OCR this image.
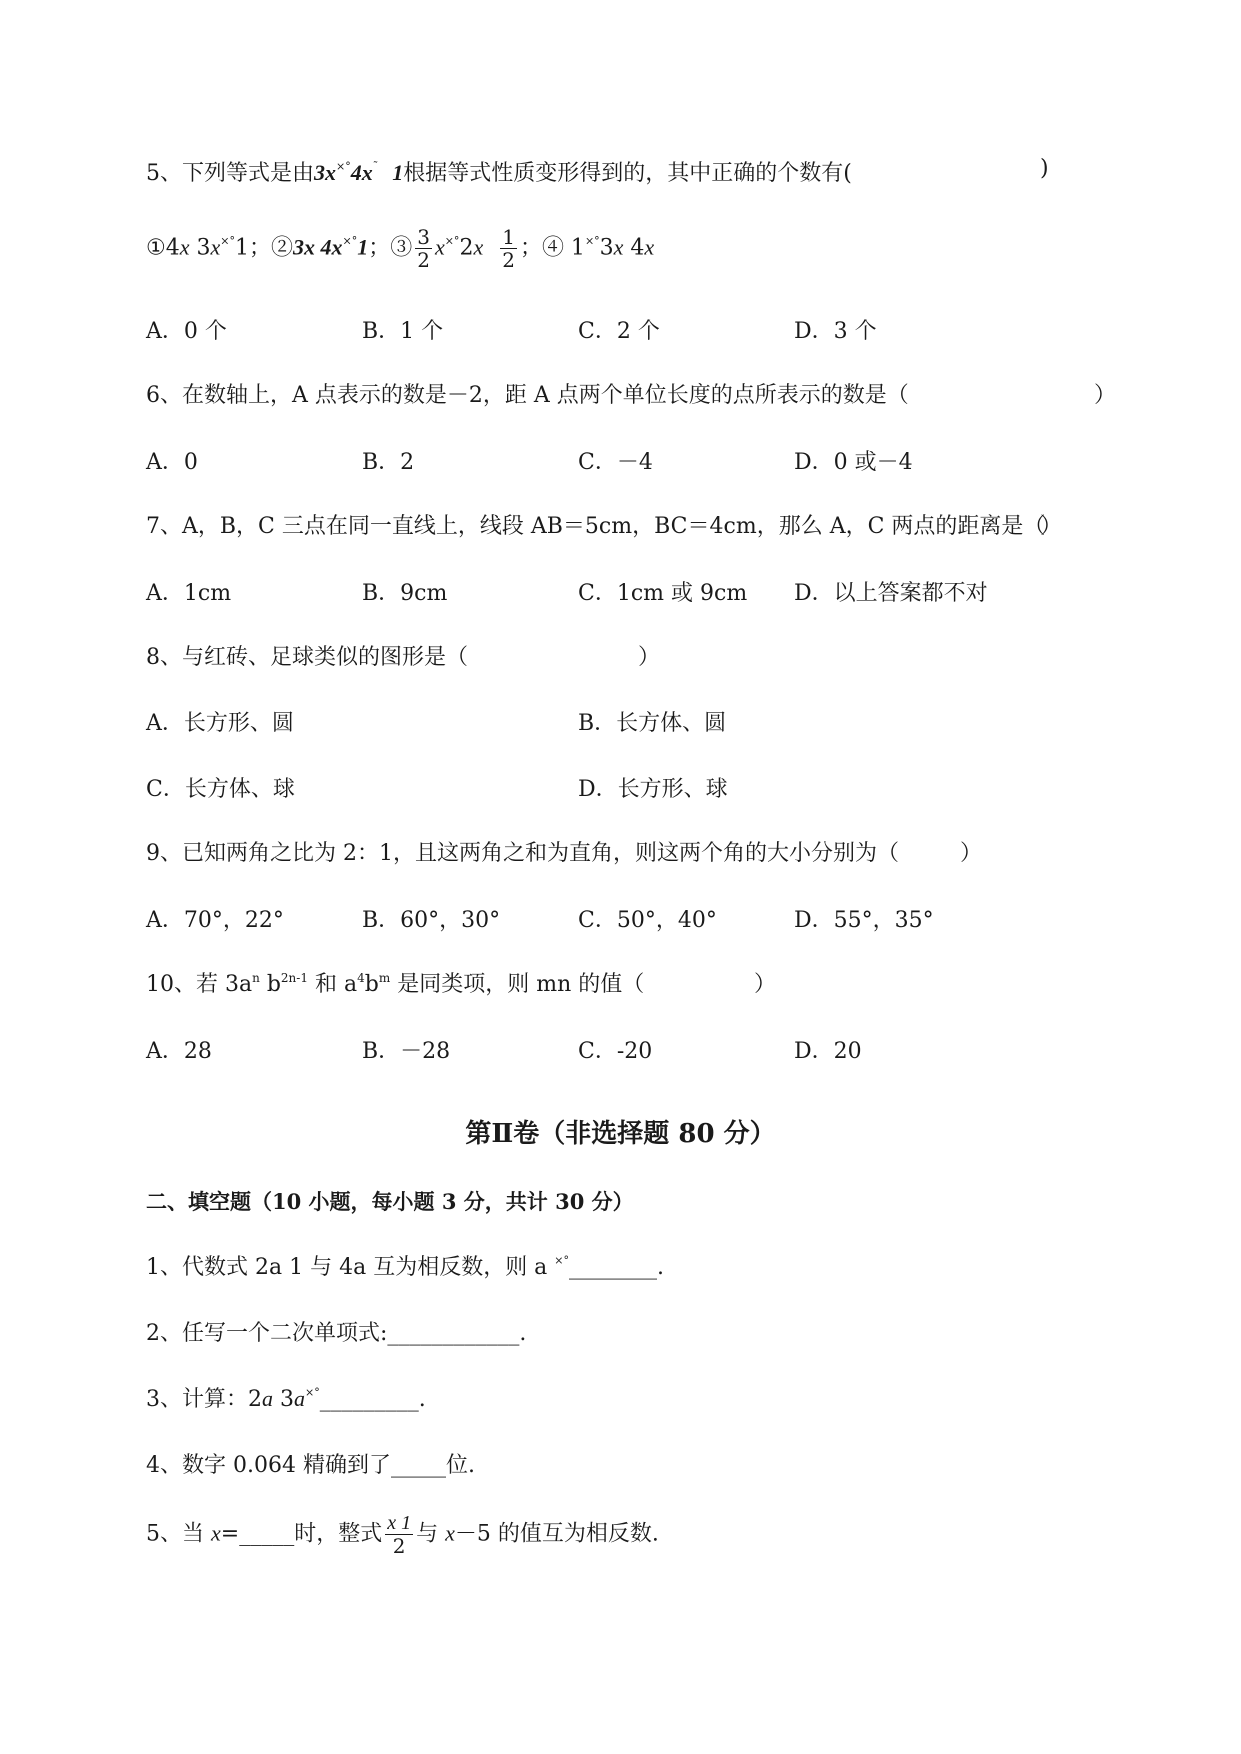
5、下列等式是由3x×°4x˜ 1根据等式性质变形得到的，其中正确的个数有(	)
①4x 3x×°1；②3x 4x×°1；③ $\frac{3}{2} x^{\times^\circ}2x \frac{1}{2}$ ；④ 1×°3x 4x
A．0 个	B．1 个	C．2 个	D．3 个
6、在数轴上，A 点表示的数是－2，距 A 点两个单位长度的点所表示的数是（	）
A．0	B．2	C．－4	D．0 或－4
7、A，B，C 三点在同一直线上，线段 AB＝5cm，BC＝4cm，那么 A，C 两点的距离是（
）
A．1cm	B．9cm	C．1cm 或 9cm D．以上答案都不对
8、与红砖、足球类似的图形是（	）
A．长方形、圆	B．长方体、圆
C．长方体、球	D．长方形、球
9、已知两角之比为 2：1，且这两角之和为直角，则这两个角的大小分别为（	）
A．70°，22°	B．60°，30°	C．50°，40°	D．55°，35°
10、若 $3a^n$ $b^{2n-1}$ 和 $a^4b^m$ 是同类项，则 mn 的值（	）
A．28	B．－28	C．-20	D．20
第Ⅱ卷（非选择题 80 分）
二、填空题（10 小题，每小题 3 分，共计 30 分）
1、代数式 2a 1 与 4a 互为相反数，则 a ×°________.
2、任写一个二次单项式:____________.
3、计算：2a 3a×°_________.
4、数字 0.064 精确到了_____位.
5、当 x=_____时，整式 $\frac{x 1}{2}$ 与 x－5 的值互为相反数.
